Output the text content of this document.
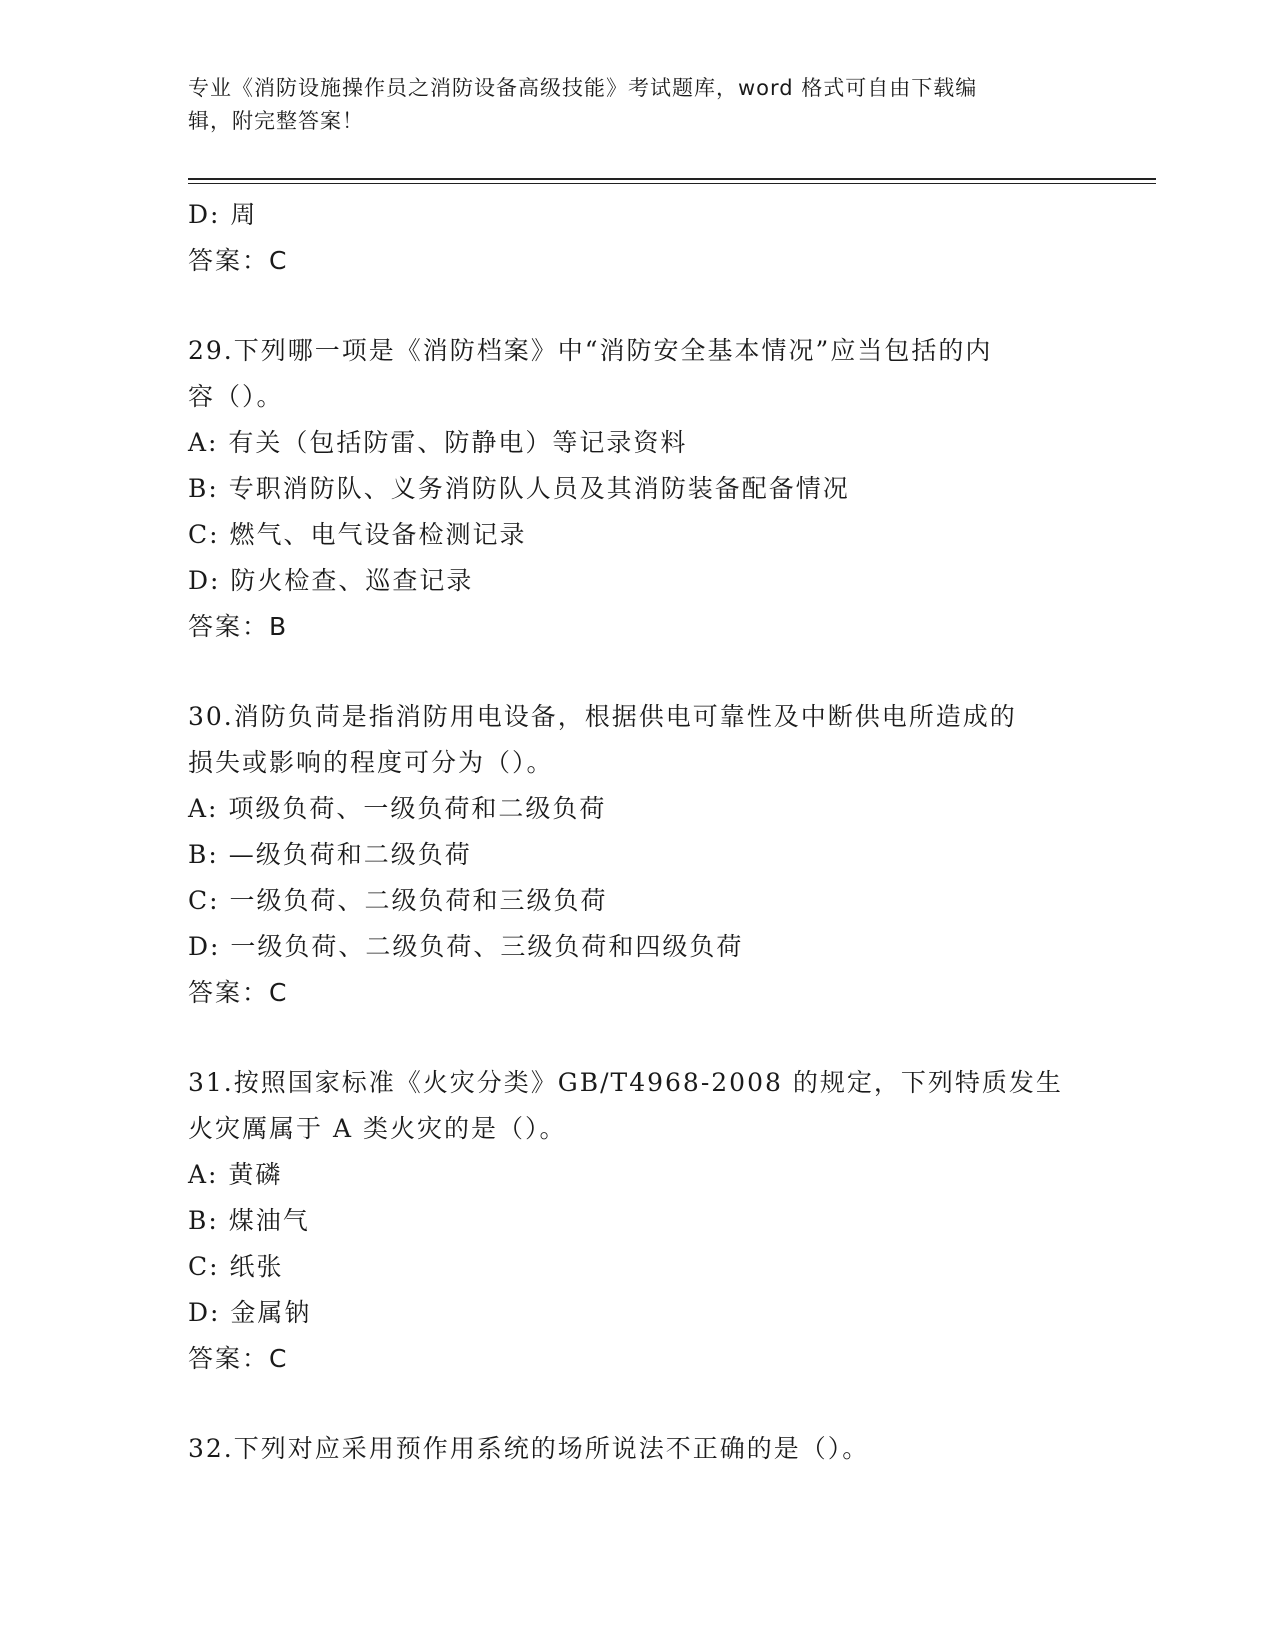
专业《消防设施操作员之消防设备高级技能》考试题库，word 格式可自由下载编
辑，附完整答案！
D: 周
答案：C
29.下列哪一项是《消防档案》中“消防安全基本情况”应当包括的内
容（）。
A: 有关（包括防雷、防静电）等记录资料
B: 专职消防队、义务消防队人员及其消防装备配备情况
C: 燃气、电气设备检测记录
D: 防火检查、巡查记录
答案：B
30.消防负苘是指消防用电设备，根据供电可靠性及中断供电所造成的
损失或影响的程度可分为（）。
A: 项级负荷、一级负荷和二级负荷
B: —级负荷和二级负荷
C: 一级负荷、二级负荷和三级负荷
D: 一级负荷、二级负荷、三级负荷和四级负荷
答案：C
31.按照国家标准《火灾分类》GB/T4968-2008 的规定，下列特质发生
火灾厲属于 A 类火灾的是（）。
A: 黄磷
B: 煤油气
C: 纸张
D: 金属钠
答案：C
32.下列对应采用预作用系统的场所说法不正确的是（）。
